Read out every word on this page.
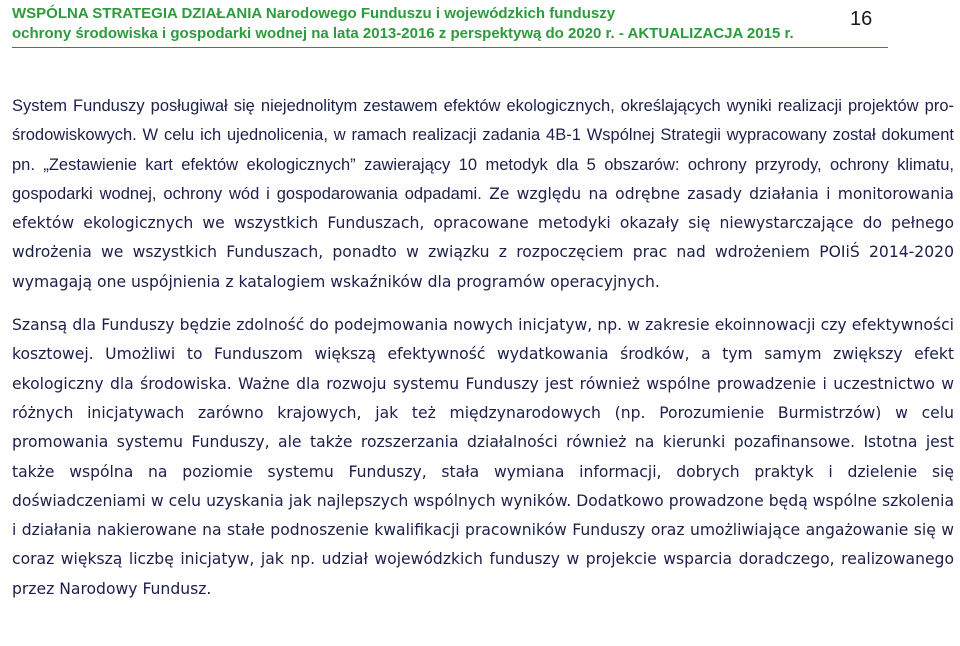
WSPÓLNA STRATEGIA DZIAŁANIA Narodowego Funduszu i wojewódzkich funduszy
ochrony środowiska i gospodarki wodnej na lata 2013-2016 z perspektywą do 2020 r. - AKTUALIZACJA 2015 r.
16

System Funduszy posługiwał się niejednolitym zestawem efektów ekologicznych, określających wyniki realizacji projektów pro-środowiskowych. W celu ich ujednolicenia, w ramach realizacji zadania 4B-1 Wspólnej Strategii wypracowany został dokument pn. „Zestawienie kart efektów ekologicznych” zawierający 10 metodyk dla 5 obszarów: ochrony przyrody, ochrony klimatu, gospodarki wodnej, ochrony wód i gospodarowania odpadami. Ze względu na odrębne zasady działania i monitorowania efektów ekologicznych we wszystkich Funduszach, opracowane metodyki okazały się niewystarczające do pełnego wdrożenia we wszystkich Funduszach, ponadto w związku z rozpoczęciem prac nad wdrożeniem POIiŚ 2014-2020 wymagają one uspójnienia z katalogiem wskaźników dla programów operacyjnych.

Szansą dla Funduszy będzie zdolność do podejmowania nowych inicjatyw, np. w zakresie ekoinnowacji czy efektywności kosztowej. Umożliwi to Funduszom większą efektywność wydatkowania środków, a tym samym zwiększy efekt ekologiczny dla środowiska. Ważne dla rozwoju systemu Funduszy jest również wspólne prowadzenie i uczestnictwo w różnych inicjatywach zarówno krajowych, jak też międzynarodowych (np. Porozumienie Burmistrzów) w celu promowania systemu Funduszy, ale także rozszerzania działalności również na kierunki pozafinansowe. Istotna jest także wspólna na poziomie systemu Funduszy, stała wymiana informacji, dobrych praktyk i dzielenie się doświadczeniami w celu uzyskania jak najlepszych wspólnych wyników. Dodatkowo prowadzone będą wspólne szkolenia i działania nakierowane na stałe podnoszenie kwalifikacji pracowników Funduszy oraz umożliwiające angażowanie się w coraz większą liczbę inicjatyw, jak np. udział wojewódzkich funduszy w projekcie wsparcia doradczego, realizowanego przez Narodowy Fundusz.
